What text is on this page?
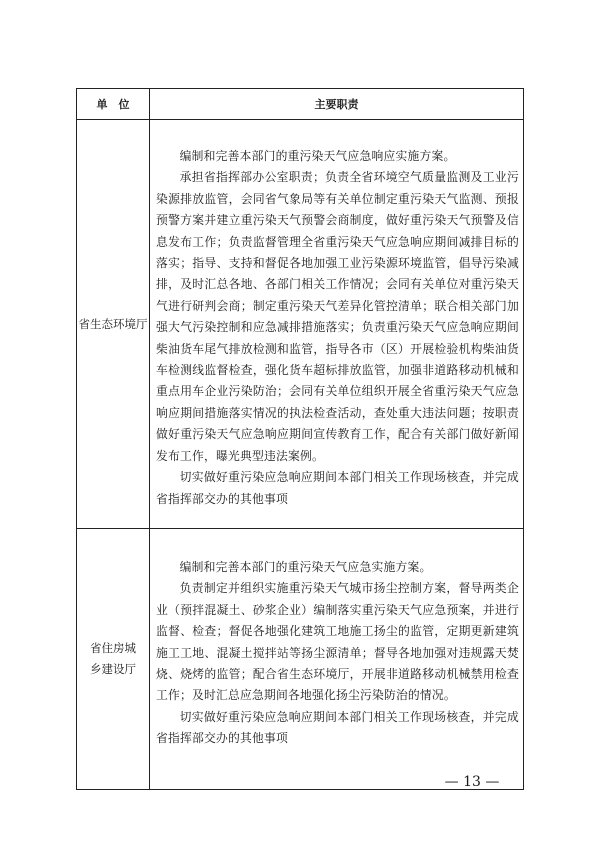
单　位	主要职责
省生态环境厅	编制和完善本部门的重污染天气应急响应实施方案。

承担省指挥部办公室职责；负责全省环境空气质量监测及工业污染源排放监管，会同省气象局等有关单位制定重污染天气监测、预报预警方案并建立重污染天气预警会商制度，做好重污染天气预警及信息发布工作；负责监督管理全省重污染天气应急响应期间减排目标的落实；指导、支持和督促各地加强工业污染源环境监管，倡导污染减排，及时汇总各地、各部门相关工作情况；会同有关单位对重污染天气进行研判会商；制定重污染天气差异化管控清单；联合相关部门加强大气污染控制和应急减排措施落实；负责重污染天气应急响应期间柴油货车尾气排放检测和监管，指导各市（区）开展检验机构柴油货车检测线监督检查，强化货车超标排放监管，加强非道路移动机械和重点用车企业污染防治；会同有关单位组织开展全省重污染天气应急响应期间措施落实情况的执法检查活动，查处重大违法问题；按职责做好重污染天气应急响应期间宣传教育工作，配合有关部门做好新闻发布工作，曝光典型违法案例。

切实做好重污染应急响应期间本部门相关工作现场核查，并完成省指挥部交办的其他事项

省住房城乡建设厅	编制和完善本部门的重污染天气应急实施方案。

负责制定并组织实施重污染天气城市扬尘控制方案，督导两类企业（预拌混凝土、砂浆企业）编制落实重污染天气应急预案，并进行监督、检查；督促各地强化建筑工地施工扬尘的监管，定期更新建筑施工工地、混凝土搅拌站等扬尘源清单；督导各地加强对违规露天焚烧、烧烤的监管；配合省生态环境厅，开展非道路移动机械禁用检查工作；及时汇总应急期间各地强化扬尘污染防治的情况。

切实做好重污染应急响应期间本部门相关工作现场核查，并完成省指挥部交办的其他事项

— 13 —
